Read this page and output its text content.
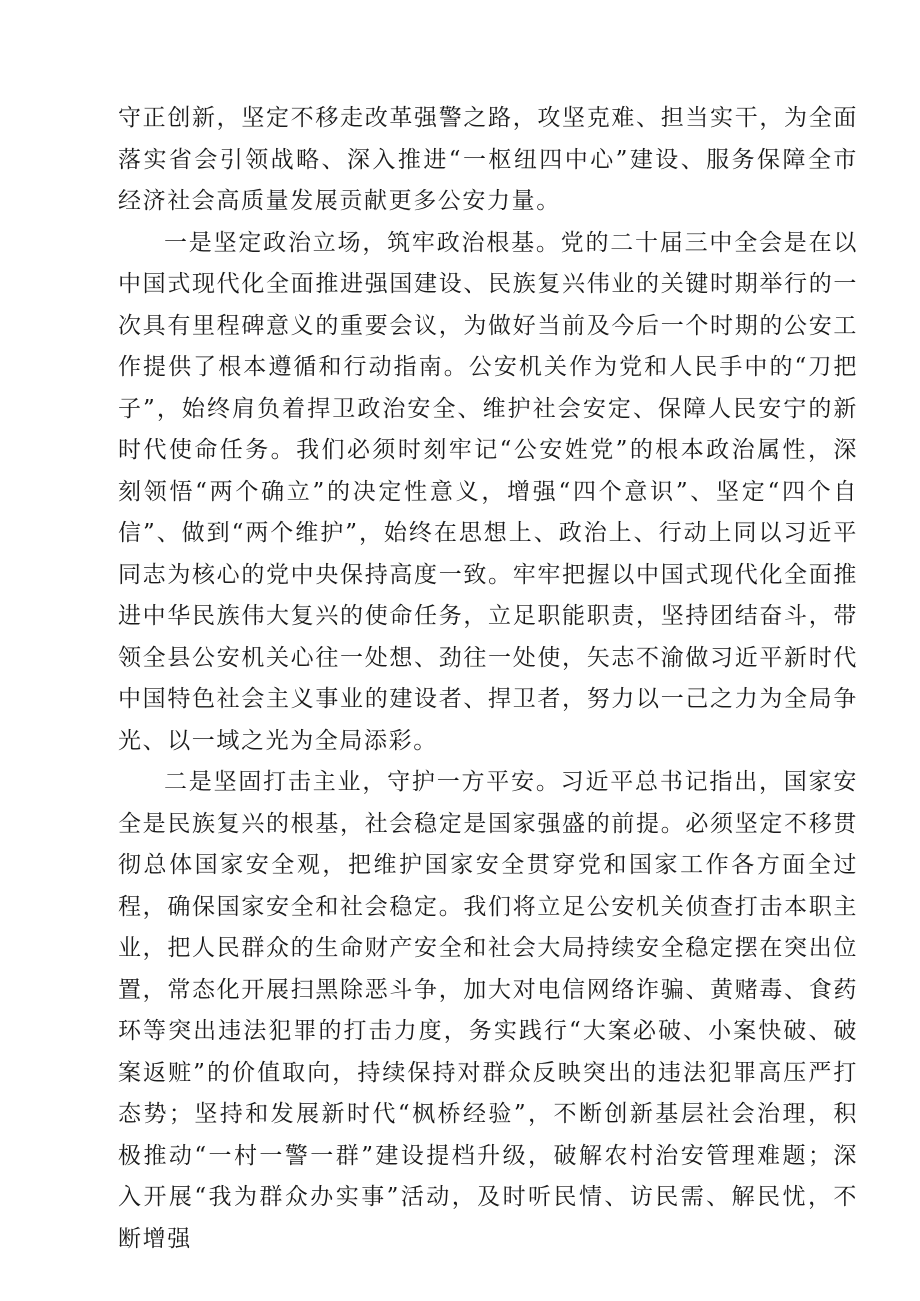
守正创新，坚定不移走改革强警之路，攻坚克难、担当实干，为全面落实省会引领战略、深入推进“一枢纽四中心”建设、服务保障全市经济社会高质量发展贡献更多公安力量。

一是坚定政治立场，筑牢政治根基。党的二十届三中全会是在以中国式现代化全面推进强国建设、民族复兴伟业的关键时期举行的一次具有里程碑意义的重要会议，为做好当前及今后一个时期的公安工作提供了根本遵循和行动指南。公安机关作为党和人民手中的“刀把子”，始终肩负着捍卫政治安全、维护社会安定、保障人民安宁的新时代使命任务。我们必须时刻牢记“公安姓党”的根本政治属性，深刻领悟“两个确立”的决定性意义，增强“四个意识”、坚定“四个自信”、做到“两个维护”，始终在思想上、政治上、行动上同以习近平同志为核心的党中央保持高度一致。牢牢把握以中国式现代化全面推进中华民族伟大复兴的使命任务，立足职能职责，坚持团结奋斗，带领全县公安机关心往一处想、劲往一处使，矢志不渝做习近平新时代中国特色社会主义事业的建设者、捍卫者，努力以一己之力为全局争光、以一域之光为全局添彩。

二是坚固打击主业，守护一方平安。习近平总书记指出，国家安全是民族复兴的根基，社会稳定是国家强盛的前提。必须坚定不移贯彻总体国家安全观，把维护国家安全贯穿党和国家工作各方面全过程，确保国家安全和社会稳定。我们将立足公安机关侦查打击本职主业，把人民群众的生命财产安全和社会大局持续安全稳定摆在突出位置，常态化开展扫黑除恶斗争，加大对电信网络诈骗、黄赌毒、食药环等突出违法犯罪的打击力度，务实践行“大案必破、小案快破、破案返赃”的价值取向，持续保持对群众反映突出的违法犯罪高压严打态势；坚持和发展新时代“枫桥经验”，不断创新基层社会治理，积极推动“一村一警一群”建设提档升级，破解农村治安管理难题；深入开展“我为群众办实事”活动，及时听民情、访民需、解民忧，不断增强
